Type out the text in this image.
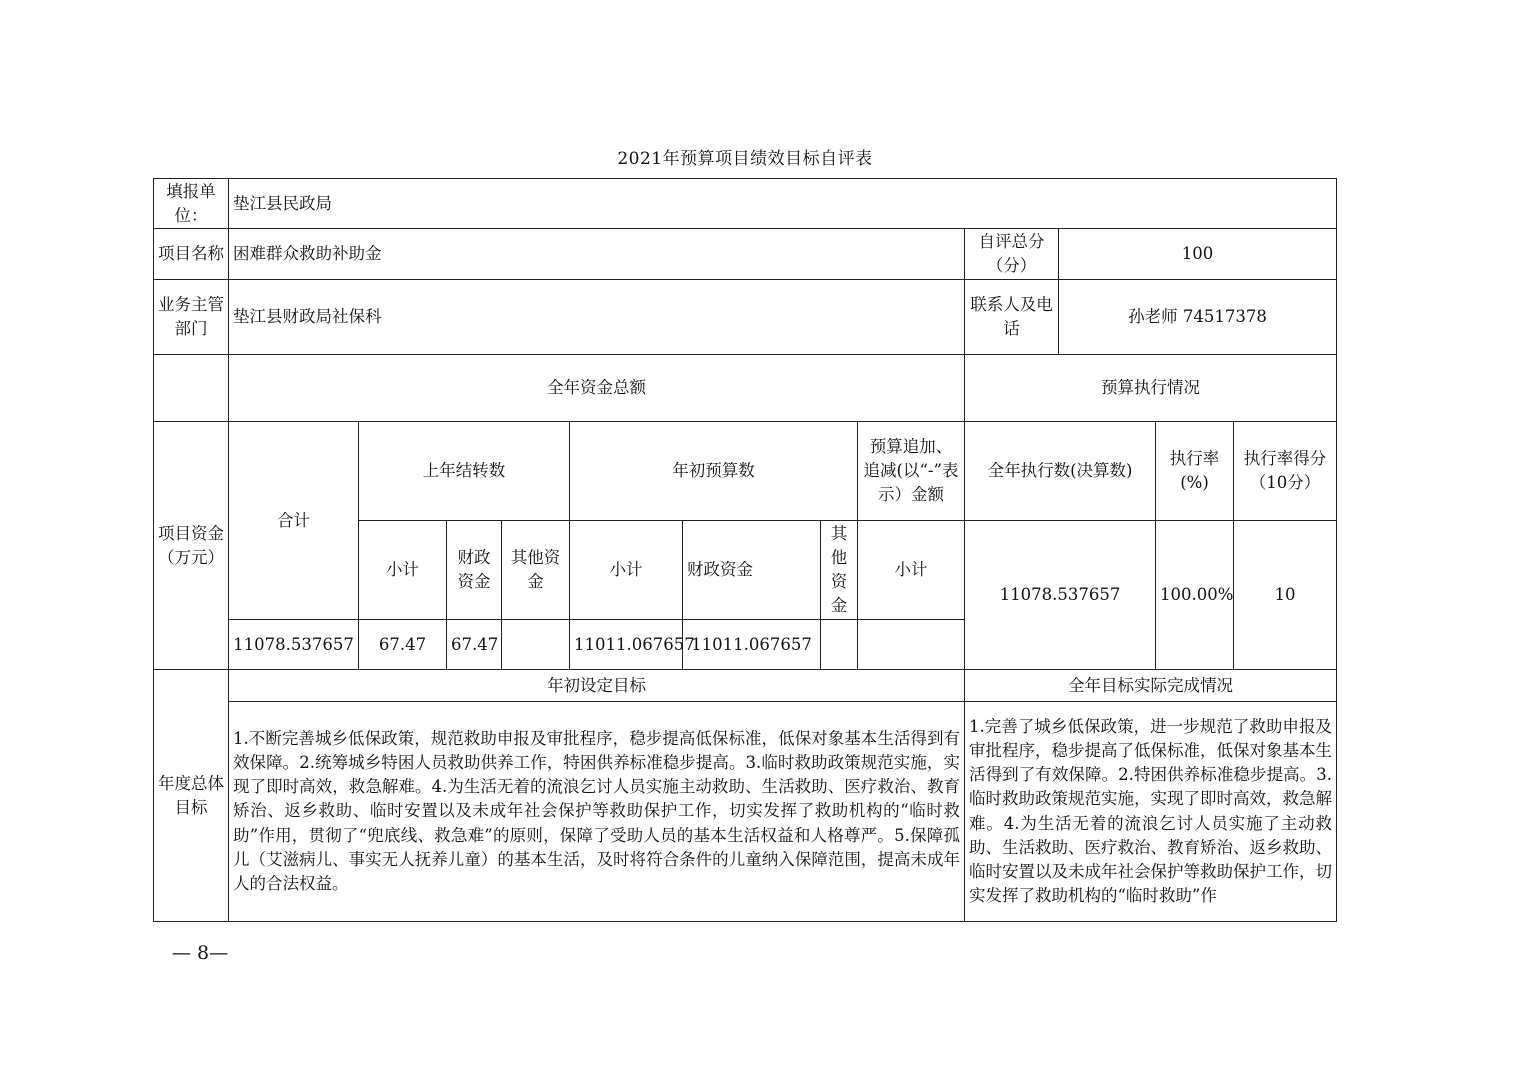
2021年预算项目绩效目标自评表
填报单位：	垫江县民政局											
项目名称	困难群众救助补助金								自评总分（分）	100		
业务主管部门	垫江县财政局社保科								联系人及电话	孙老师 74517378		
	全年资金总额								预算执行情况			
项目资金（万元）	合计	上年结转数			年初预算数			预算追加、追减(以“-”表示）金额	全年执行数(决算数)		执行率(%)	执行率得分（10分）
		小计	财政资金	其他资金	小计	财政资金	其他资金	小计	11078.537657		100.00%	10
	11078.537657	67.47	67.47		11011.067657	11011.067657						
年度总体目标	年初设定目标								全年目标实际完成情况			
	1.不断完善城乡低保政策，规范救助申报及审批程序，稳步提高低保标准，低保对象基本生活得到有效保障。2.统筹城乡特困人员救助供养工作，特困供养标准稳步提高。3.临时救助政策规范实施，实现了即时高效，救急解难。4.为生活无着的流浪乞讨人员实施主动救助、生活救助、医疗救治、教育矫治、返乡救助、临时安置以及未成年社会保护等救助保护工作，切实发挥了救助机构的“临时救助”作用，贯彻了“兜底线、救急难”的原则，保障了受助人员的基本生活权益和人格尊严。5.保障孤儿（艾滋病儿、事实无人抚养儿童）的基本生活，及时将符合条件的儿童纳入保障范围，提高未成年人的合法权益。								1.完善了城乡低保政策，进一步规范了救助申报及审批程序，稳步提高了低保标准，低保对象基本生活得到了有效保障。2.特困供养标准稳步提高。3.临时救助政策规范实施，实现了即时高效，救急解难。4.为生活无着的流浪乞讨人员实施了主动救助、生活救助、医疗救治、教育矫治、返乡救助、临时安置以及未成年社会保护等救助保护工作，切实发挥了救助机构的“临时救助”作			
— 8—
